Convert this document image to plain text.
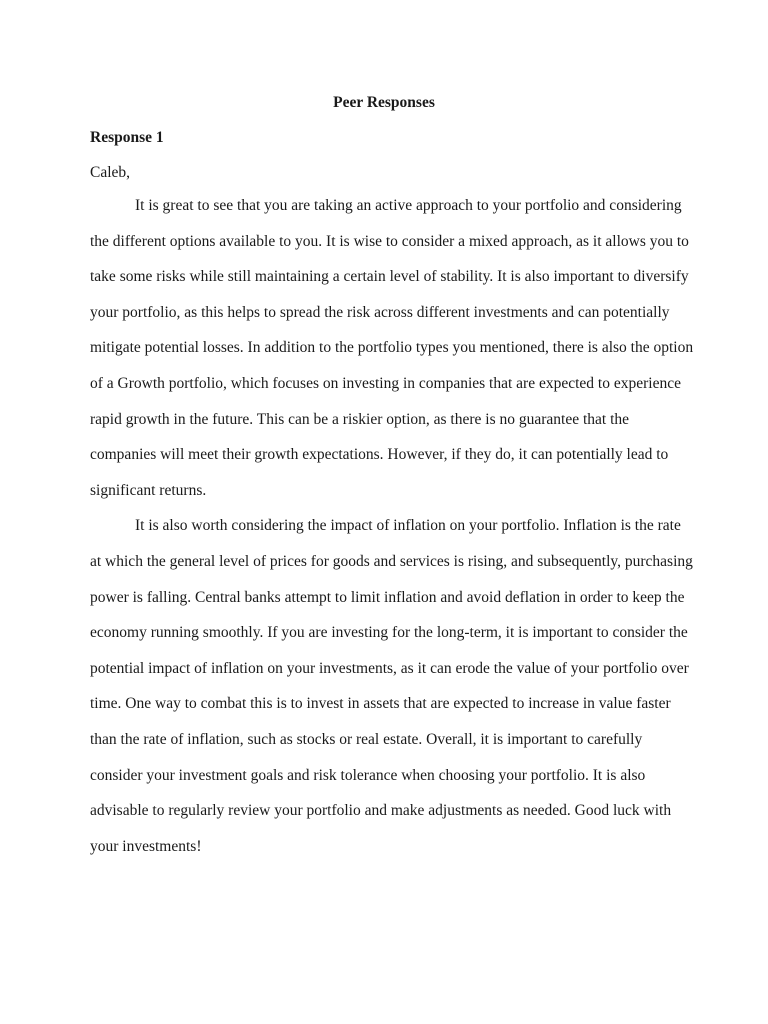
Peer Responses
Response 1
Caleb,
It is great to see that you are taking an active approach to your portfolio and considering
the different options available to you. It is wise to consider a mixed approach, as it allows you to
take some risks while still maintaining a certain level of stability. It is also important to diversify
your portfolio, as this helps to spread the risk across different investments and can potentially
mitigate potential losses. In addition to the portfolio types you mentioned, there is also the option
of a Growth portfolio, which focuses on investing in companies that are expected to experience
rapid growth in the future. This can be a riskier option, as there is no guarantee that the
companies will meet their growth expectations. However, if they do, it can potentially lead to
significant returns.
It is also worth considering the impact of inflation on your portfolio. Inflation is the rate
at which the general level of prices for goods and services is rising, and subsequently, purchasing
power is falling. Central banks attempt to limit inflation and avoid deflation in order to keep the
economy running smoothly. If you are investing for the long-term, it is important to consider the
potential impact of inflation on your investments, as it can erode the value of your portfolio over
time. One way to combat this is to invest in assets that are expected to increase in value faster
than the rate of inflation, such as stocks or real estate. Overall, it is important to carefully
consider your investment goals and risk tolerance when choosing your portfolio. It is also
advisable to regularly review your portfolio and make adjustments as needed. Good luck with
your investments!
